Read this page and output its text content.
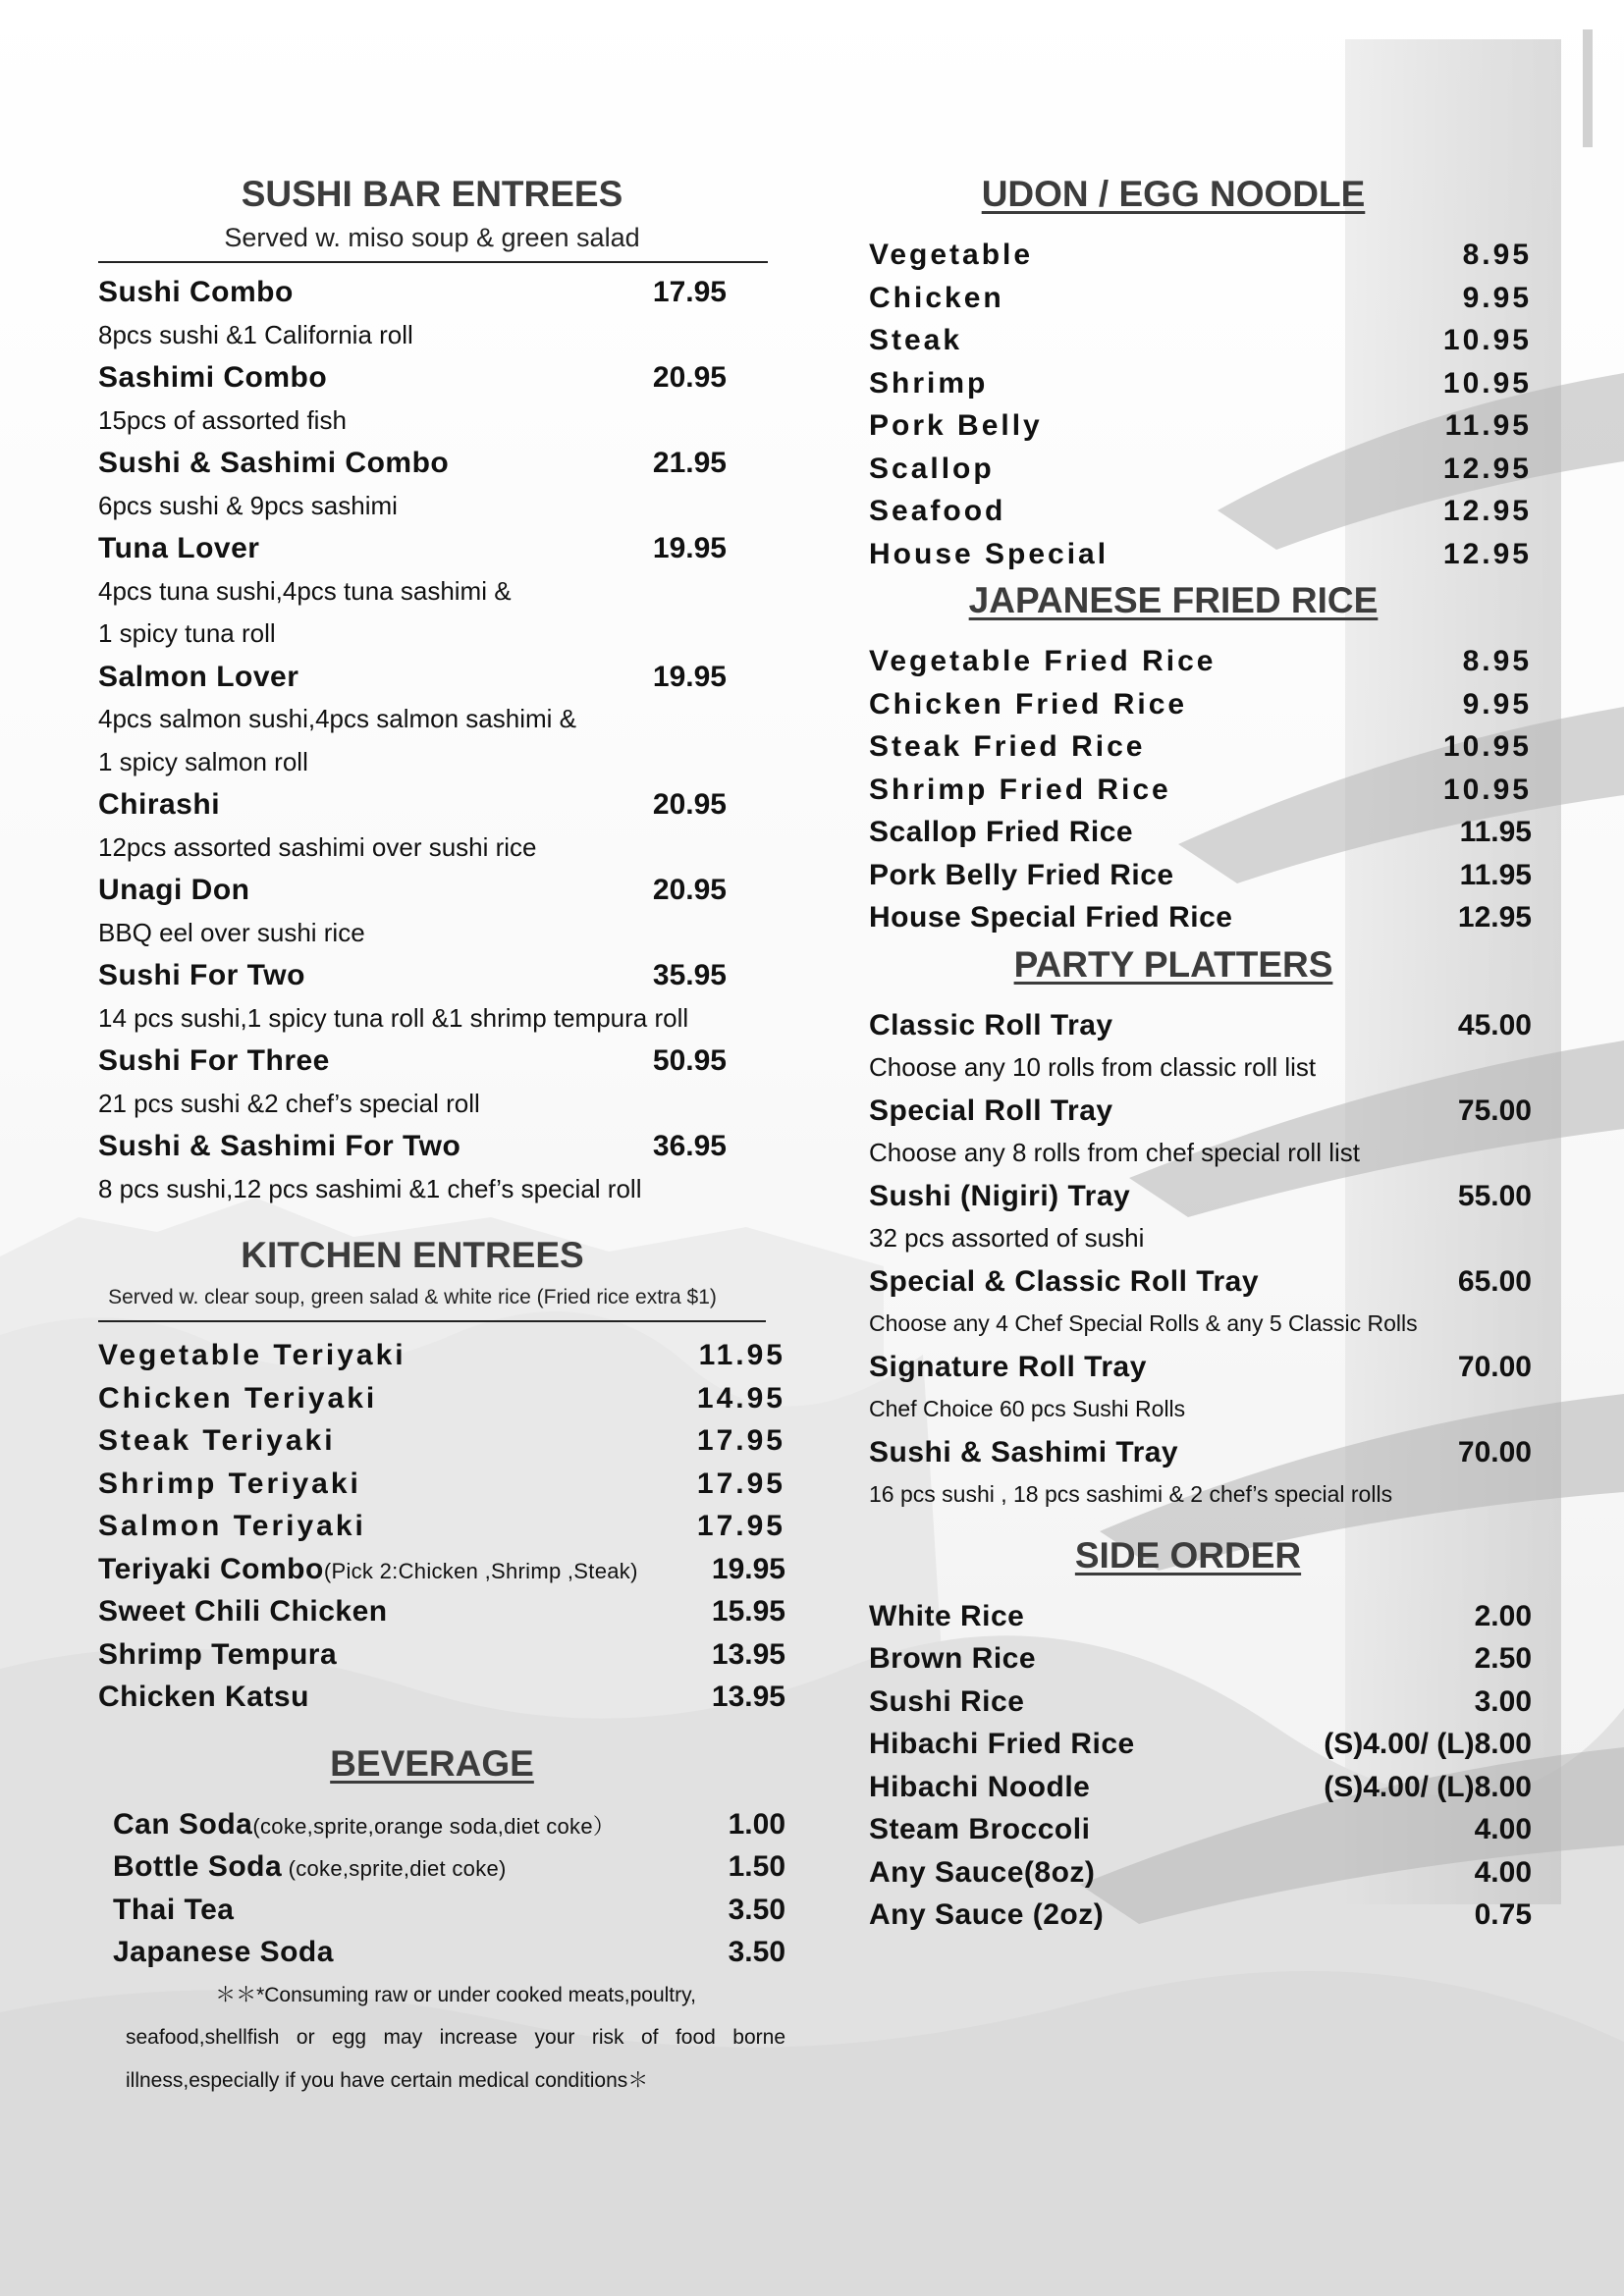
SUSHI BAR ENTREES
Served w. miso soup & green salad
Sushi Combo	17.95
8pcs sushi &1 California roll
Sashimi Combo	20.95
15pcs of assorted fish
Sushi & Sashimi Combo	21.95
6pcs sushi & 9pcs sashimi
Tuna Lover	19.95
4pcs tuna sushi,4pcs tuna sashimi &
1 spicy tuna roll
Salmon Lover	19.95
4pcs salmon sushi,4pcs salmon sashimi &
1 spicy salmon roll
Chirashi	20.95
12pcs assorted sashimi over sushi rice
Unagi Don	20.95
BBQ eel over sushi rice
Sushi For Two	35.95
14 pcs sushi,1 spicy tuna roll &1 shrimp tempura roll
Sushi For Three	50.95
21 pcs sushi &2 chef’s special roll
Sushi & Sashimi For Two	36.95
8 pcs sushi,12 pcs sashimi &1 chef’s special roll
KITCHEN ENTREES
Served w. clear soup, green salad & white rice (Fried rice extra $1)
Vegetable Teriyaki	11.95
Chicken Teriyaki	14.95
Steak Teriyaki	17.95
Shrimp Teriyaki	17.95
Salmon Teriyaki	17.95
Teriyaki Combo(Pick 2:Chicken ,Shrimp ,Steak)	19.95
Sweet Chili Chicken	15.95
Shrimp Tempura	13.95
Chicken Katsu	13.95
BEVERAGE
Can Soda(coke,sprite,orange soda,diet coke）	1.00
Bottle Soda (coke,sprite,diet coke)	1.50
Thai Tea	3.50
Japanese Soda	3.50
＊＊*Consuming raw or under cooked meats,poultry,
seafood,shellfish or egg may increase your risk of food borne
illness,especially if you have certain medical conditions＊
UDON / EGG NOODLE
Vegetable	8.95
Chicken	9.95
Steak	10.95
Shrimp	10.95
Pork Belly	11.95
Scallop	12.95
Seafood	12.95
House Special	12.95
JAPANESE FRIED RICE
Vegetable Fried Rice	8.95
Chicken Fried Rice	9.95
Steak Fried Rice	10.95
Shrimp Fried Rice	10.95
Scallop Fried Rice	11.95
Pork Belly Fried Rice	11.95
House Special Fried Rice	12.95
PARTY PLATTERS
Classic Roll Tray	45.00
Choose any 10 rolls from classic roll list
Special Roll Tray	75.00
Choose any 8 rolls from chef special roll list
Sushi (Nigiri) Tray	55.00
32 pcs assorted of sushi
Special & Classic Roll Tray	65.00
Choose any 4 Chef Special Rolls & any 5 Classic Rolls
Signature Roll Tray	70.00
Chef Choice 60 pcs Sushi Rolls
Sushi & Sashimi Tray	70.00
16 pcs sushi , 18 pcs sashimi & 2 chef’s special rolls
SIDE ORDER
White Rice	2.00
Brown Rice	2.50
Sushi Rice	3.00
Hibachi Fried Rice	(S)4.00/ (L)8.00
Hibachi Noodle	(S)4.00/ (L)8.00
Steam Broccoli	4.00
Any Sauce(8oz)	4.00
Any Sauce (2oz)	0.75
